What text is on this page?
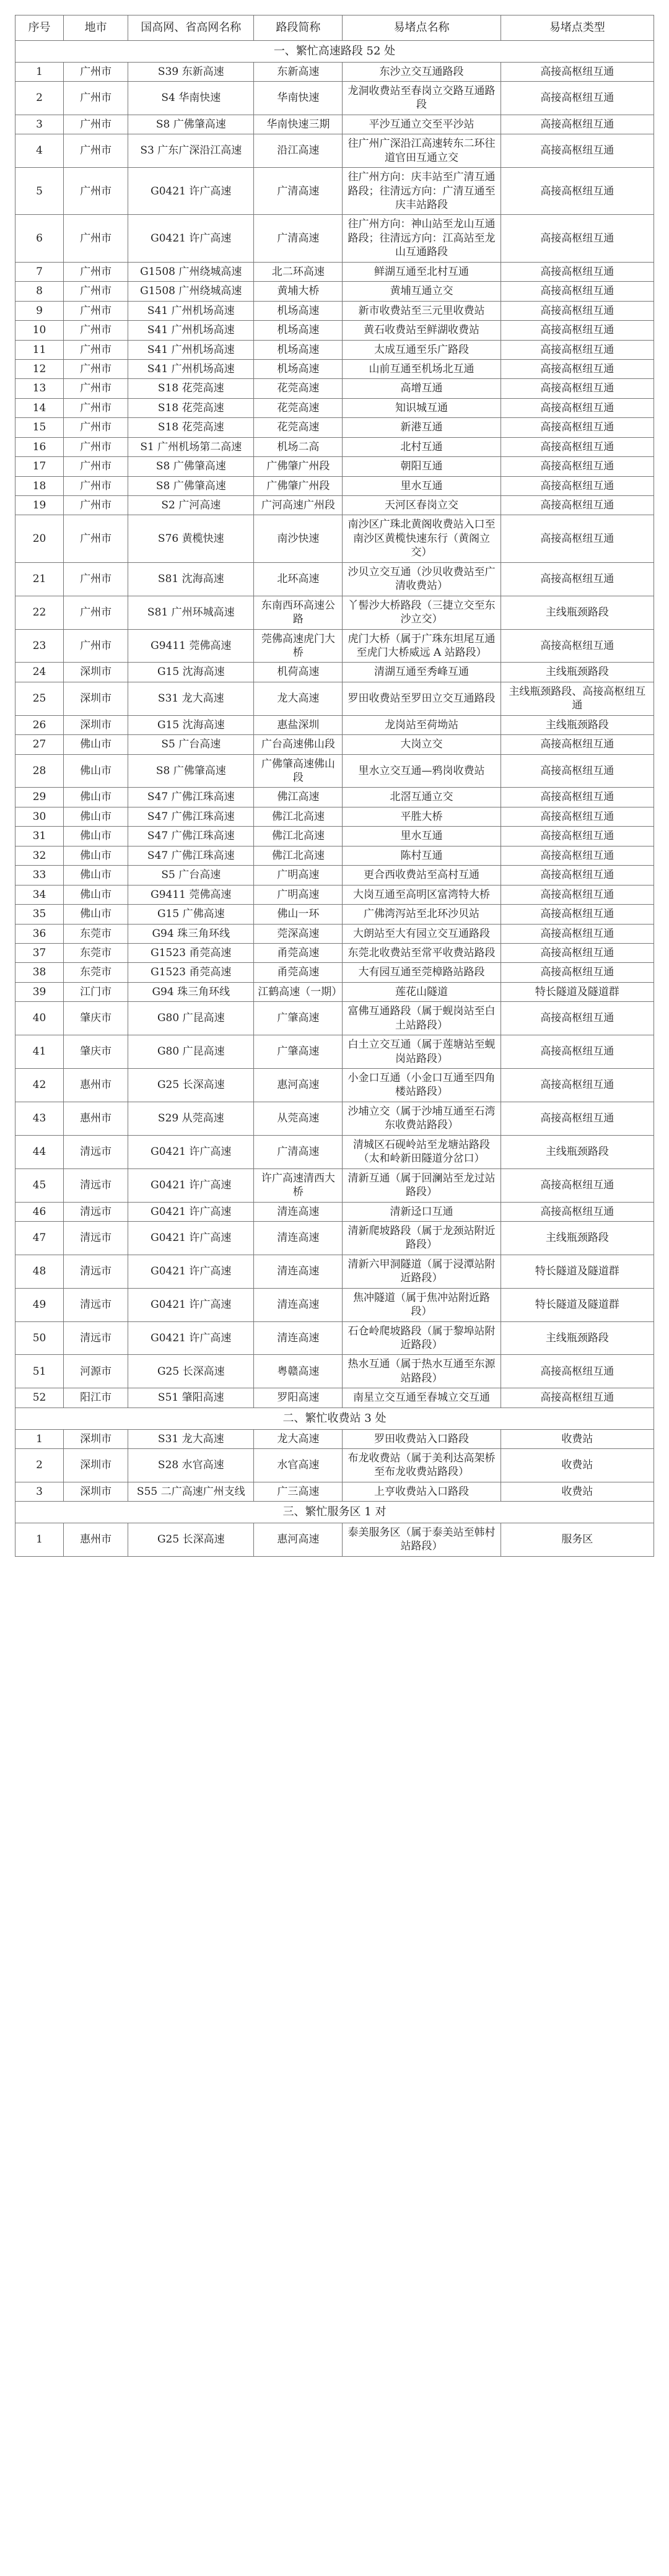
序号	地市	国高网、省高网名称	路段简称	易堵点名称	易堵点类型
一、繁忙高速路段 52 处					
1	广州市	S39 东新高速	东新高速	东沙立交互通路段	高接高枢纽互通
2	广州市	S4 华南快速	华南快速	龙洞收费站至春岗立交路互通路段	高接高枢纽互通
3	广州市	S8 广佛肇高速	华南快速三期	平沙互通立交至平沙站	高接高枢纽互通
4	广州市	S3 广东广深沿江高速	沿江高速	往广州广深沿江高速转东二环往道官田互通立交	高接高枢纽互通
5	广州市	G0421 许广高速	广清高速	往广州方向：庆丰站至广清互通路段；往清远方向：广清互通至庆丰站路段	高接高枢纽互通
6	广州市	G0421 许广高速	广清高速	往广州方向：神山站至龙山互通路段；往清远方向：江高站至龙山互通路段	高接高枢纽互通
7	广州市	G1508 广州绕城高速	北二环高速	鲜湖互通至北村互通	高接高枢纽互通
8	广州市	G1508 广州绕城高速	黄埔大桥	黄埔互通立交	高接高枢纽互通
9	广州市	S41 广州机场高速	机场高速	新市收费站至三元里收费站	高接高枢纽互通
10	广州市	S41 广州机场高速	机场高速	黄石收费站至鲜湖收费站	高接高枢纽互通
11	广州市	S41 广州机场高速	机场高速	太成互通至乐广路段	高接高枢纽互通
12	广州市	S41 广州机场高速	机场高速	山前互通至机场北互通	高接高枢纽互通
13	广州市	S18 花莞高速	花莞高速	高增互通	高接高枢纽互通
14	广州市	S18 花莞高速	花莞高速	知识城互通	高接高枢纽互通
15	广州市	S18 花莞高速	花莞高速	新港互通	高接高枢纽互通
16	广州市	S1 广州机场第二高速	机场二高	北村互通	高接高枢纽互通
17	广州市	S8 广佛肇高速	广佛肇广州段	朝阳互通	高接高枢纽互通
18	广州市	S8 广佛肇高速	广佛肇广州段	里水互通	高接高枢纽互通
19	广州市	S2 广河高速	广河高速广州段	天河区春岗立交	高接高枢纽互通
20	广州市	S76 黄榄快速	南沙快速	南沙区广珠北黄阁收费站入口至南沙区黄榄快速东行（黄阁立交）	高接高枢纽互通
21	广州市	S81 沈海高速	北环高速	沙贝立交互通（沙贝收费站至广清收费站）	高接高枢纽互通
22	广州市	S81 广州环城高速	东南西环高速公路	丫髻沙大桥路段（三捷立交至东沙立交）	主线瓶颈路段
23	广州市	G9411 莞佛高速	莞佛高速虎门大桥	虎门大桥（属于广珠东坦尾互通至虎门大桥威远 A 站路段）	高接高枢纽互通
24	深圳市	G15 沈海高速	机荷高速	清湖互通至秀峰互通	主线瓶颈路段
25	深圳市	S31 龙大高速	龙大高速	罗田收费站至罗田立交互通路段	主线瓶颈路段、高接高枢纽互通
26	深圳市	G15 沈海高速	惠盐深圳	龙岗站至荷坳站	主线瓶颈路段
27	佛山市	S5 广台高速	广台高速佛山段	大岗立交	高接高枢纽互通
28	佛山市	S8 广佛肇高速	广佛肇高速佛山段	里水立交互通—鸦岗收费站	高接高枢纽互通
29	佛山市	S47 广佛江珠高速	佛江高速	北滘互通立交	高接高枢纽互通
30	佛山市	S47 广佛江珠高速	佛江北高速	平胜大桥	高接高枢纽互通
31	佛山市	S47 广佛江珠高速	佛江北高速	里水互通	高接高枢纽互通
32	佛山市	S47 广佛江珠高速	佛江北高速	陈村互通	高接高枢纽互通
33	佛山市	S5 广台高速	广明高速	更合西收费站至高村互通	高接高枢纽互通
34	佛山市	G9411 莞佛高速	广明高速	大岗互通至高明区富湾特大桥	高接高枢纽互通
35	佛山市	G15 广佛高速	佛山一环	广佛湾泻站至北环沙贝站	高接高枢纽互通
36	东莞市	G94 珠三角环线	莞深高速	大朗站至大有园立交互通路段	高接高枢纽互通
37	东莞市	G1523 甬莞高速	甬莞高速	东莞北收费站至常平收费站路段	高接高枢纽互通
38	东莞市	G1523 甬莞高速	甬莞高速	大有园互通至莞樟路站路段	高接高枢纽互通
39	江门市	G94 珠三角环线	江鹤高速（一期）	莲花山隧道	特长隧道及隧道群
40	肇庆市	G80 广昆高速	广肇高速	富佛互通路段（属于蚬岗站至白土站路段）	高接高枢纽互通
41	肇庆市	G80 广昆高速	广肇高速	白土立交互通（属于莲塘站至蚬岗站路段）	高接高枢纽互通
42	惠州市	G25 长深高速	惠河高速	小金口互通（小金口互通至四角楼站路段）	高接高枢纽互通
43	惠州市	S29 从莞高速	从莞高速	沙埔立交（属于沙埔互通至石湾东收费站路段）	高接高枢纽互通
44	清远市	G0421 许广高速	广清高速	清城区石砚岭站至龙塘站路段（太和岭新田隧道分岔口）	主线瓶颈路段
45	清远市	G0421 许广高速	许广高速清西大桥	清新互通（属于回澜站至龙过站路段）	高接高枢纽互通
46	清远市	G0421 许广高速	清连高速	清新迳口互通	高接高枢纽互通
47	清远市	G0421 许广高速	清连高速	清新爬坡路段（属于龙颈站附近路段）	主线瓶颈路段
48	清远市	G0421 许广高速	清连高速	清新六甲洞隧道（属于浸潭站附近路段）	特长隧道及隧道群
49	清远市	G0421 许广高速	清连高速	焦冲隧道（属于焦冲站附近路段）	特长隧道及隧道群
50	清远市	G0421 许广高速	清连高速	石仓岭爬坡路段（属于黎埠站附近路段）	主线瓶颈路段
51	河源市	G25 长深高速	粤赣高速	热水互通（属于热水互通至东源站路段）	高接高枢纽互通
52	阳江市	S51 肇阳高速	罗阳高速	南星立交互通至春城立交互通	高接高枢纽互通
二、繁忙收费站 3 处					
1	深圳市	S31 龙大高速	龙大高速	罗田收费站入口路段	收费站
2	深圳市	S28 水官高速	水官高速	布龙收费站（属于美利达高架桥至布龙收费站路段）	收费站
3	深圳市	S55 二广高速广州支线	广三高速	上亨收费站入口路段	收费站
三、繁忙服务区 1 对					
1	惠州市	G25 长深高速	惠河高速	泰美服务区（属于泰美站至韩村站路段）	服务区
